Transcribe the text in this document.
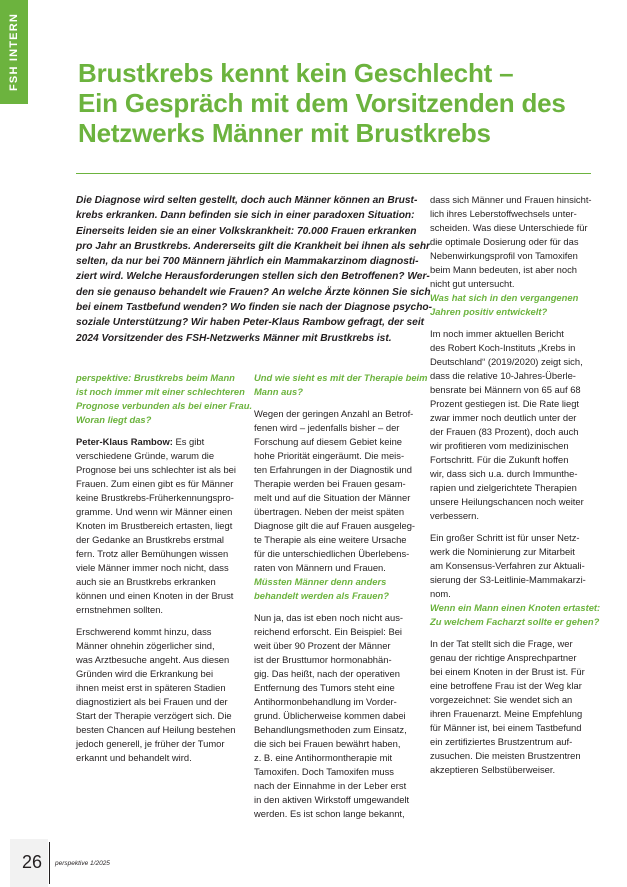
FSH INTERN Brustkrebs kennt kein Geschlecht –
Ein Gespräch mit dem Vorsitzenden des
Netzwerks Männer mit Brustkrebs
Die Diagnose wird selten gestellt, doch auch Männer können an Brust-
krebs erkranken. Dann befinden sie sich in einer paradoxen Situation:
Einerseits leiden sie an einer Volkskrankheit: 70.000 Frauen erkranken
pro Jahr an Brustkrebs. Andererseits gilt die Krankheit bei ihnen als sehr
selten, da nur bei 700 Männern jährlich ein Mammakarzinom diagnosti-
ziert wird. Welche Herausforderungen stellen sich den Betroffenen? Wer-
den sie genauso behandelt wie Frauen? An welche Ärzte können Sie sich
bei einem Tastbefund wenden? Wo finden sie nach der Diagnose psycho-
soziale Unterstützung? Wir haben Peter-Klaus Rambow gefragt, der seit
2024 Vorsitzender des FSH-Netzwerks Männer mit Brustkrebs ist.
perspektive: Brustkrebs beim Mann
ist noch immer mit einer schlechteren
Prognose verbunden als bei einer Frau.
Woran liegt das?
Peter-Klaus Rambow: Es gibt
verschiedene Gründe, warum die
Prognose bei uns schlechter ist als bei
Frauen. Zum einen gibt es für Männer
keine Brustkrebs-Früherkennungspro-
gramme. Und wenn wir Männer einen
Knoten im Brustbereich ertasten, liegt
der Gedanke an Brustkrebs erstmal
fern. Trotz aller Bemühungen wissen
viele Männer immer noch nicht, dass
auch sie an Brustkrebs erkranken
können und einen Knoten in der Brust
ernstnehmen sollten.
Erschwerend kommt hinzu, dass
Männer ohnehin zögerlicher sind,
was Arztbesuche angeht. Aus diesen
Gründen wird die Erkrankung bei
ihnen meist erst in späteren Stadien
diagnostiziert als bei Frauen und der
Start der Therapie verzögert sich. Die
besten Chancen auf Heilung bestehen
jedoch generell, je früher der Tumor
erkannt und behandelt wird.
Und wie sieht es mit der Therapie beim
Mann aus?
Wegen der geringen Anzahl an Betrof-
fenen wird – jedenfalls bisher – der
Forschung auf diesem Gebiet keine
hohe Priorität eingeräumt. Die meis-
ten Erfahrungen in der Diagnostik und
Therapie werden bei Frauen gesam-
melt und auf die Situation der Männer
übertragen. Neben der meist späten
Diagnose gilt die auf Frauen ausgeleg-
te Therapie als eine weitere Ursache
für die unterschiedlichen Überlebens-
raten von Männern und Frauen.
Müssten Männer denn anders
behandelt werden als Frauen?
Nun ja, das ist eben noch nicht aus-
reichend erforscht. Ein Beispiel: Bei
weit über 90 Prozent der Männer
ist der Brusttumor hormonabhän-
gig. Das heißt, nach der operativen
Entfernung des Tumors steht eine
Antihormonbehandlung im Vorder-
grund. Üblicherweise kommen dabei
Behandlungsmethoden zum Einsatz,
die sich bei Frauen bewährt haben,
z. B. eine Antihormontherapie mit
Tamoxifen. Doch Tamoxifen muss
nach der Einnahme in der Leber erst
in den aktiven Wirkstoff umgewandelt
werden. Es ist schon lange bekannt,
dass sich Männer und Frauen hinsicht-
lich ihres Leberstoffwechsels unter-
scheiden. Was diese Unterschiede für
die optimale Dosierung oder für das
Nebenwirkungsprofil von Tamoxifen
beim Mann bedeuten, ist aber noch
nicht gut untersucht.
Was hat sich in den vergangenen
Jahren positiv entwickelt?
Im noch immer aktuellen Bericht
des Robert Koch-Instituts „Krebs in
Deutschland“ (2019/2020) zeigt sich,
dass die relative 10-Jahres-Überle-
bensrate bei Männern von 65 auf 68
Prozent gestiegen ist. Die Rate liegt
zwar immer noch deutlich unter der
der Frauen (83 Prozent), doch auch
wir profitieren vom medizinischen
Fortschritt. Für die Zukunft hoffen
wir, dass sich u.a. durch Immunthe-
rapien und zielgerichtete Therapien
unsere Heilungschancen noch weiter
verbessern.
Ein großer Schritt ist für unser Netz-
werk die Nominierung zur Mitarbeit
am Konsensus-Verfahren zur Aktuali-
sierung der S3-Leitlinie-Mammakarzi-
nom.
Wenn ein Mann einen Knoten ertastet:
Zu welchem Facharzt sollte er gehen?
In der Tat stellt sich die Frage, wer
genau der richtige Ansprechpartner
bei einem Knoten in der Brust ist. Für
eine betroffene Frau ist der Weg klar
vorgezeichnet: Sie wendet sich an
ihren Frauenarzt. Meine Empfehlung
für Männer ist, bei einem Tastbefund
ein zertifiziertes Brustzentrum auf-
zusuchen. Die meisten Brustzentren
akzeptieren Selbstüberweiser.
26 perspektive 1/2025
